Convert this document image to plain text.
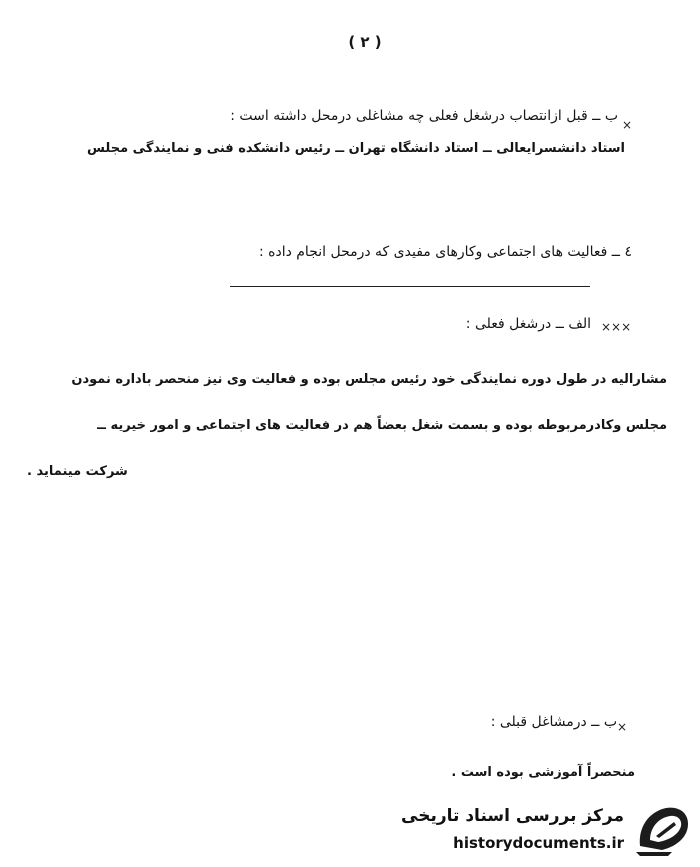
( ۲ )
×
ب ــ قبل ازانتصاب درشغل فعلی چه مشاغلی درمحل داشته است :
استاد دانشسرایعالی ــ استاد دانشگاه تهران ــ رئیس دانشکده فنی و نمایندگی مجلس
٤ ــ فعالیت های اجتماعی وکارهای مفیدی که درمحل انجام داده :
×××
الف ــ درشغل فعلی :
مشارالیه در طول دوره نمایندگی خود رئیس مجلس بوده و فعالیت وی نیز منحصر باداره نمودن
مجلس وکادرمربوطه بوده و بسمت شغل بعضاً هم در فعالیت های اجتماعی و امور خیریه ــ
شرکت مینماید .
×
ب ــ درمشاغل قبلی :
منحصراً آموزشی بوده است .
مرکز بررسی اسناد تاریخی
historydocuments.ir
